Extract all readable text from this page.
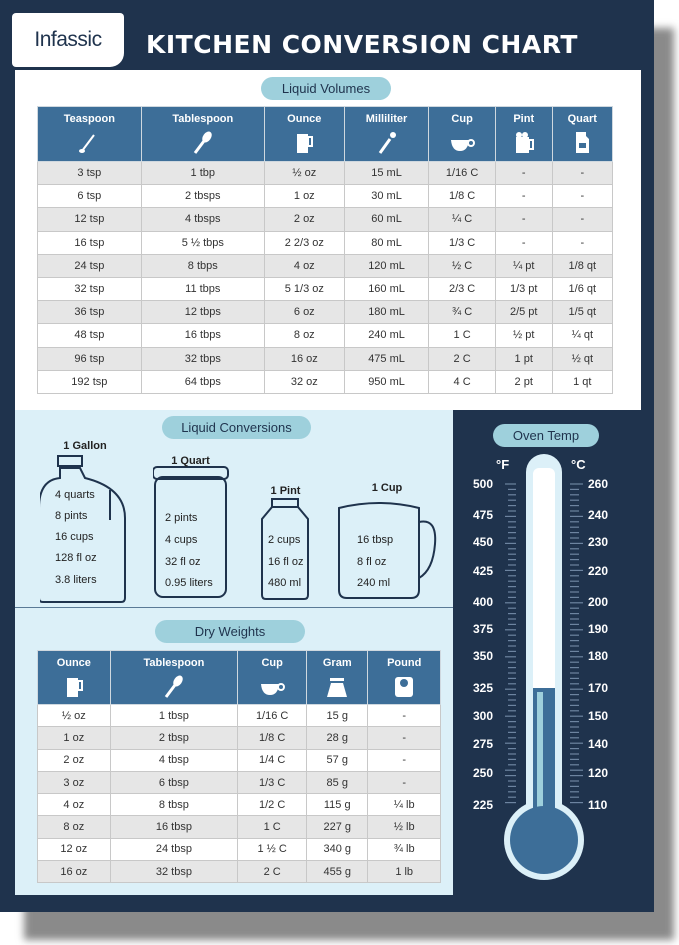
Infassic	KITCHEN CONVERSION CHART
Liquid Volumes
Teaspoon	Tablespoon	Ounce	Milliliter	Cup	Pint	Quart

3 tsp	1 tbp	½ oz	15 mL	1/16 C	-	-
6 tsp	2 tbsps	1 oz	30 mL	1/8 C	-	-
12 tsp	4 tbsps	2 oz	60 mL	¼ C	-	-
16 tsp	5 ½ tbps	2 2/3 oz	80 mL	1/3 C	-	-
24 tsp	8 tbps	4 oz	120 mL	½ C	¼ pt	1/8 qt
32 tsp	11 tbps	5 1/3 oz	160 mL	2/3 C	1/3 pt	1/6 qt
36 tsp	12 tbps	6 oz	180 mL	¾ C	2/5 pt	1/5 qt
48 tsp	16 tbps	8 oz	240 mL	1 C	½ pt	¼ qt
96 tsp	32 tbps	16 oz	475 mL	2 C	1 pt	½ qt
192 tsp	64 tbps	32 oz	950 mL	4 C	2 pt	1 qt
Liquid Conversions
1 Gallon
4 quarts
8 pints
16 cups
128 fl oz
3.8 liters
1 Quart
2 pints
4 cups
32 fl oz
0.95 liters
1 Pint
2 cups
16 fl oz
480 ml
1 Cup
16 tbsp
8 fl oz
240 ml
Dry Weights
Ounce	Tablespoon	Cup	Gram	Pound

½ oz	1 tbsp	1/16 C	15 g	-
1 oz	2 tbsp	1/8 C	28 g	-
2 oz	4 tbsp	1/4 C	57 g	-
3 oz	6 tbsp	1/3 C	85 g	-
4 oz	8 tbsp	1/2 C	115 g	¼ lb
8 oz	16 tbsp	1 C	227 g	½ lb
12 oz	24 tbsp	1 ½ C	340 g	¾ lb
16 oz	32 tbsp	2 C	455 g	1 lb
Oven Temp
°F	°C
500	260
475	240
450	230
425	220
400	200
375	190
350	180
325	170
300	150
275	140
250	120
225	110
